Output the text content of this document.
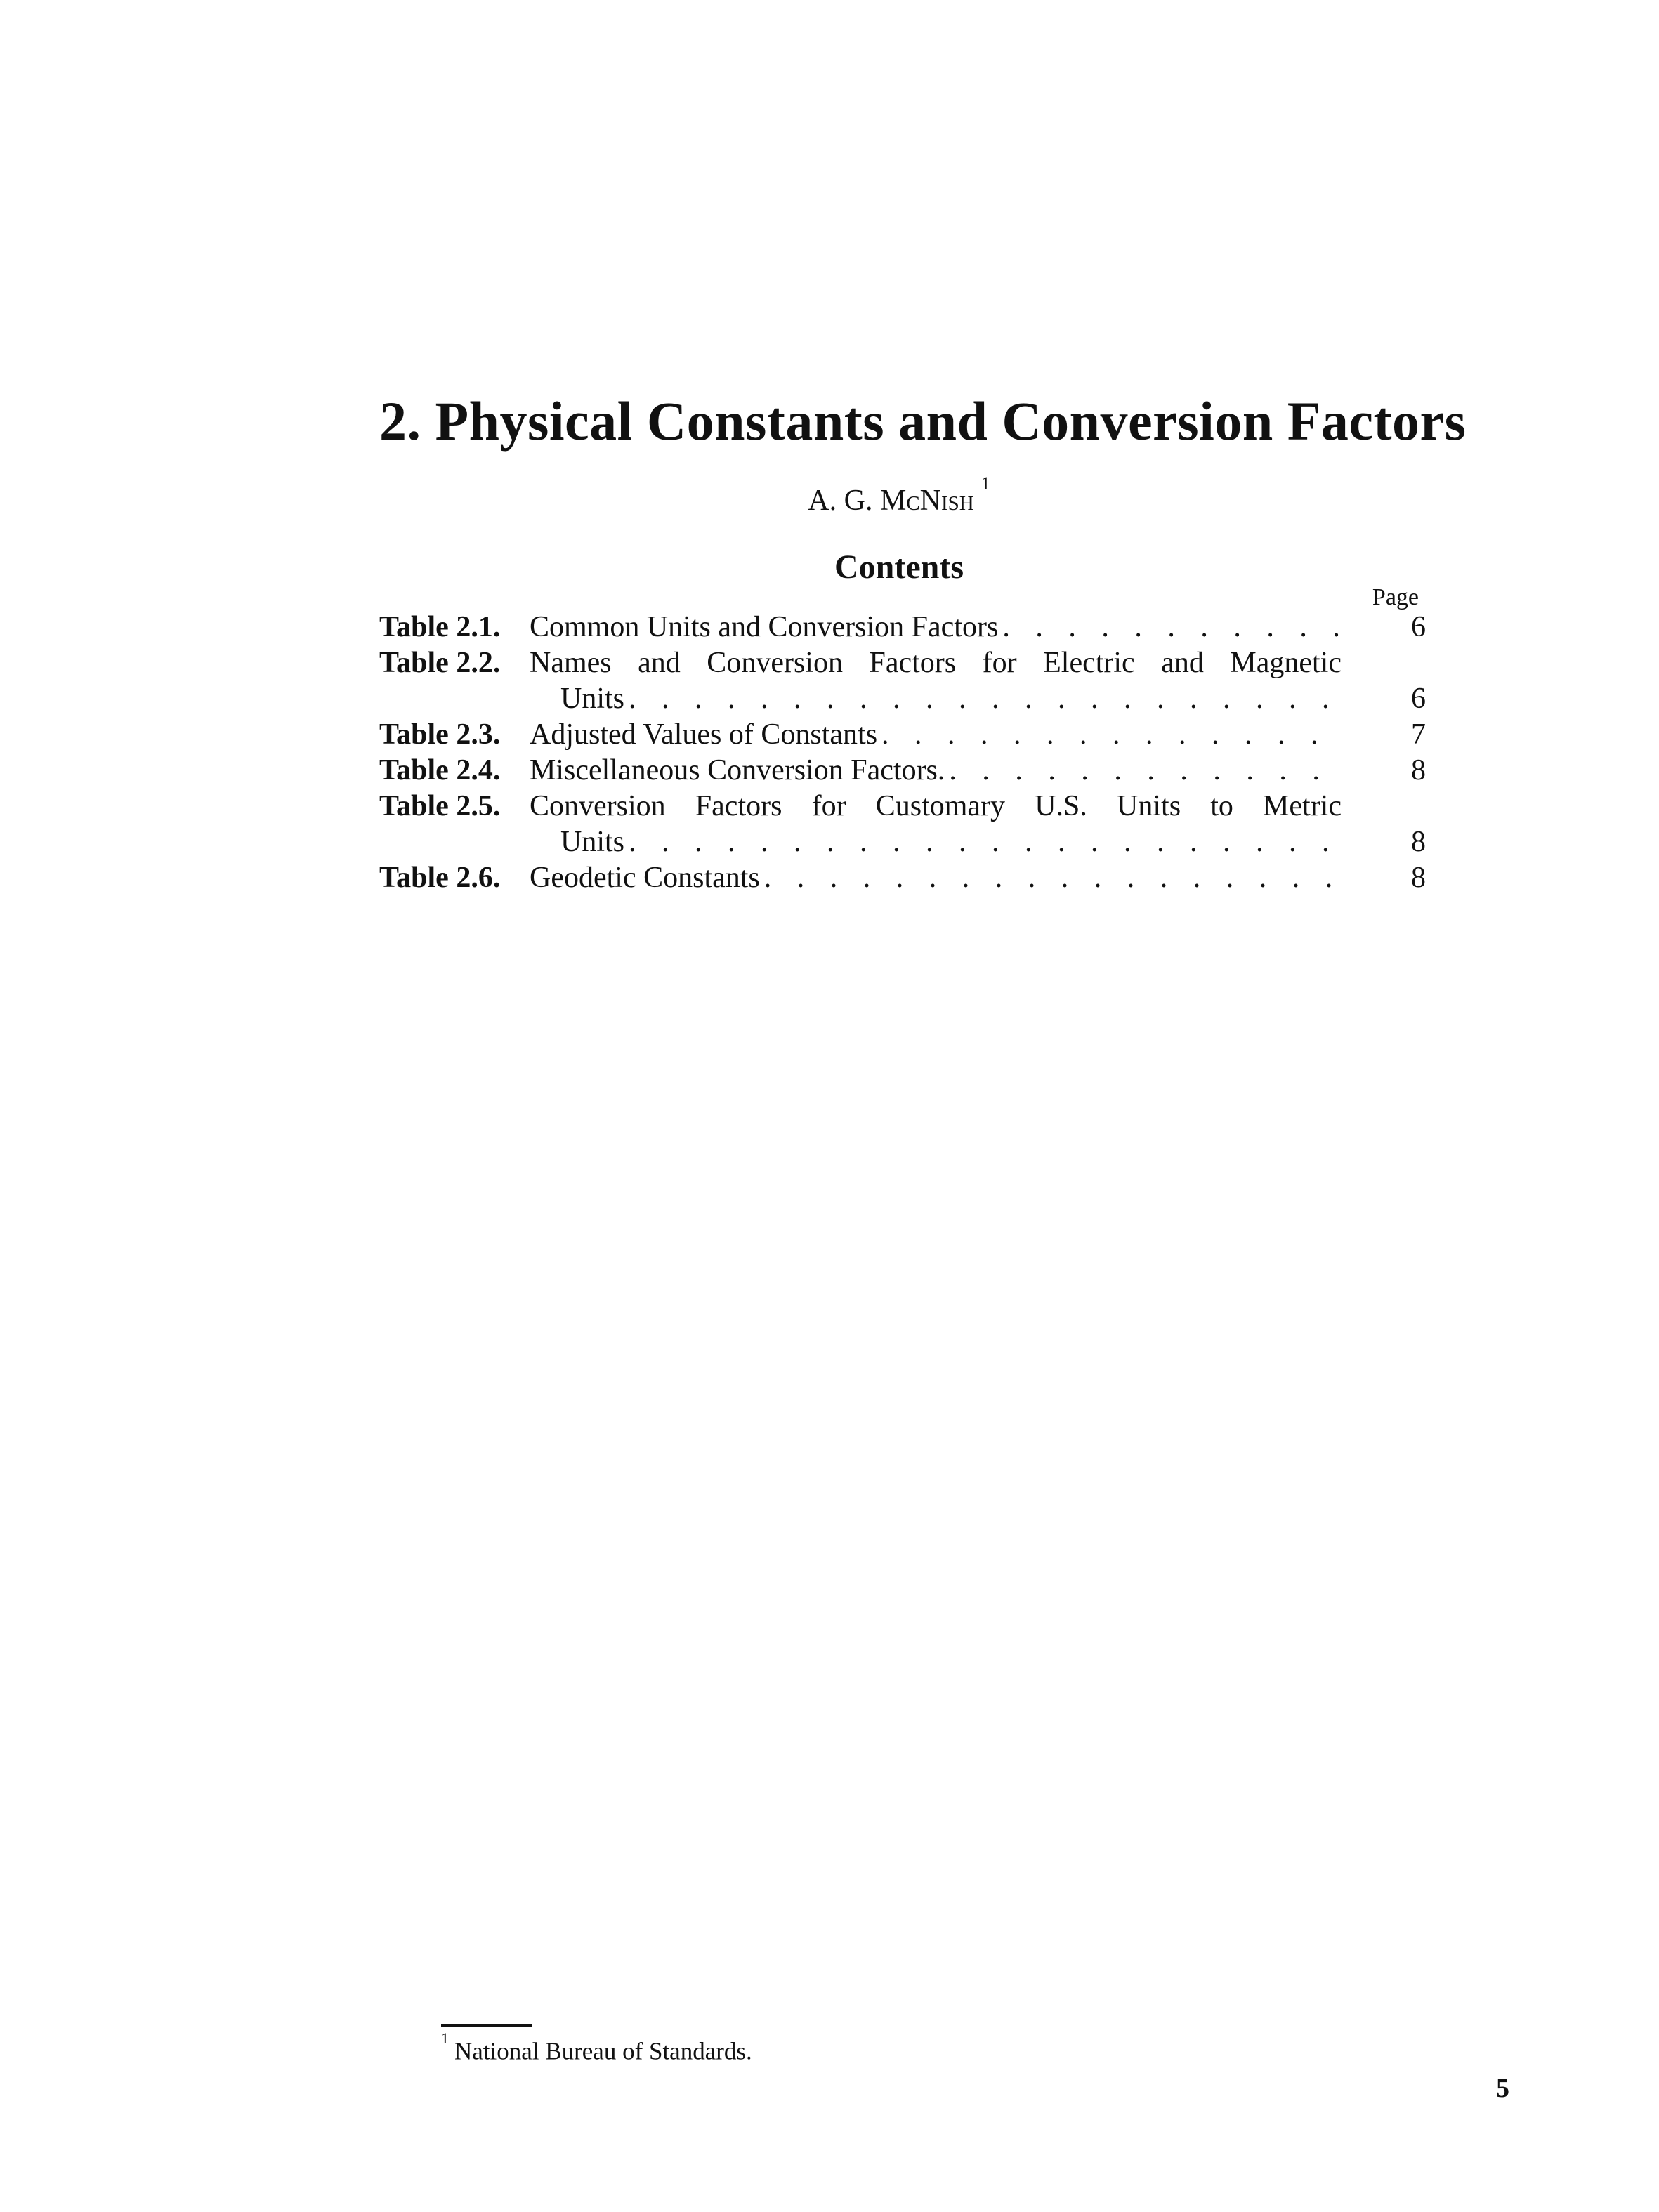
2. Physical Constants and Conversion Factors
A. G. McNish$^1$
Contents
Page
Table 2.1. Common Units and Conversion Factors . . .	6
Table 2.2. Names and Conversion Factors for Electric and Magnetic
Units . . .	6
Table 2.3. Adjusted Values of Constants . . .	7
Table 2.4. Miscellaneous Conversion Factors. . . .	8
Table 2.5. Conversion Factors for Customary U.S. Units to Metric
Units . . .	8
Table 2.6. Geodetic Constants . . .	8
$^1$ National Bureau of Standards.
5
